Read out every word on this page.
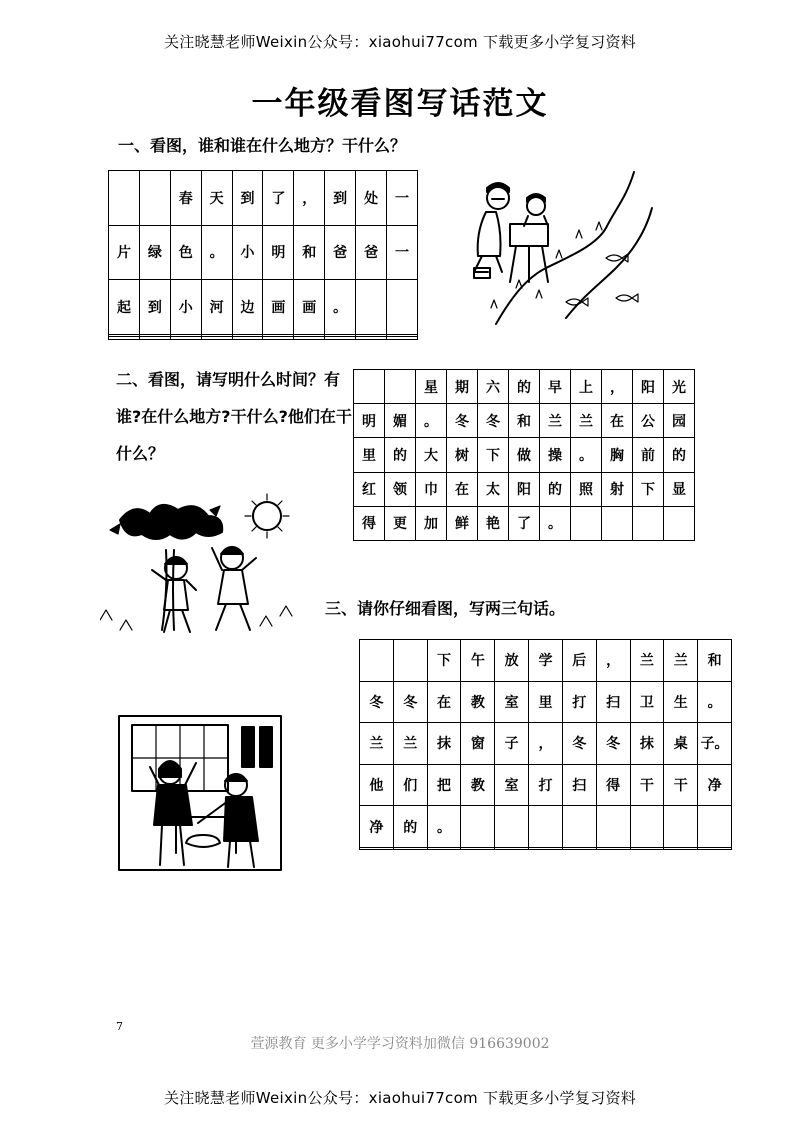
关注晓慧老师Weixin公众号：xiaohui77com 下载更多小学复习资料
一年级看图写话范文
一、看图，谁和谁在什么地方？干什么？
		春	天	到	了	，	到	处	一
片	绿	色	。	小	明	和	爸	爸	一
起	到	小	河	边	画	画	。		

二、看图，请写明什么时间？有谁?在什么地方?干什么?他们在干什么？
		星	期	六	的	早	上	，	阳	光
明	媚	。	冬	冬	和	兰	兰	在	公	园
里	的	大	树	下	做	操	。	胸	前	的
红	领	巾	在	太	阳	的	照	射	下	显
得	更	加	鲜	艳	了	。				
三、请你仔细看图，写两三句话。
		下	午	放	学	后	，	兰	兰	和
冬	冬	在	教	室	里	打	扫	卫	生	。
兰	兰	抹	窗	子	，	冬	冬	抹	桌	子。
他	们	把	教	室	打	扫	得	干	干	净
净	的	。								

7
萱源教育 更多小学学习资料加微信 916639002
关注晓慧老师Weixin公众号：xiaohui77com 下载更多小学复习资料
